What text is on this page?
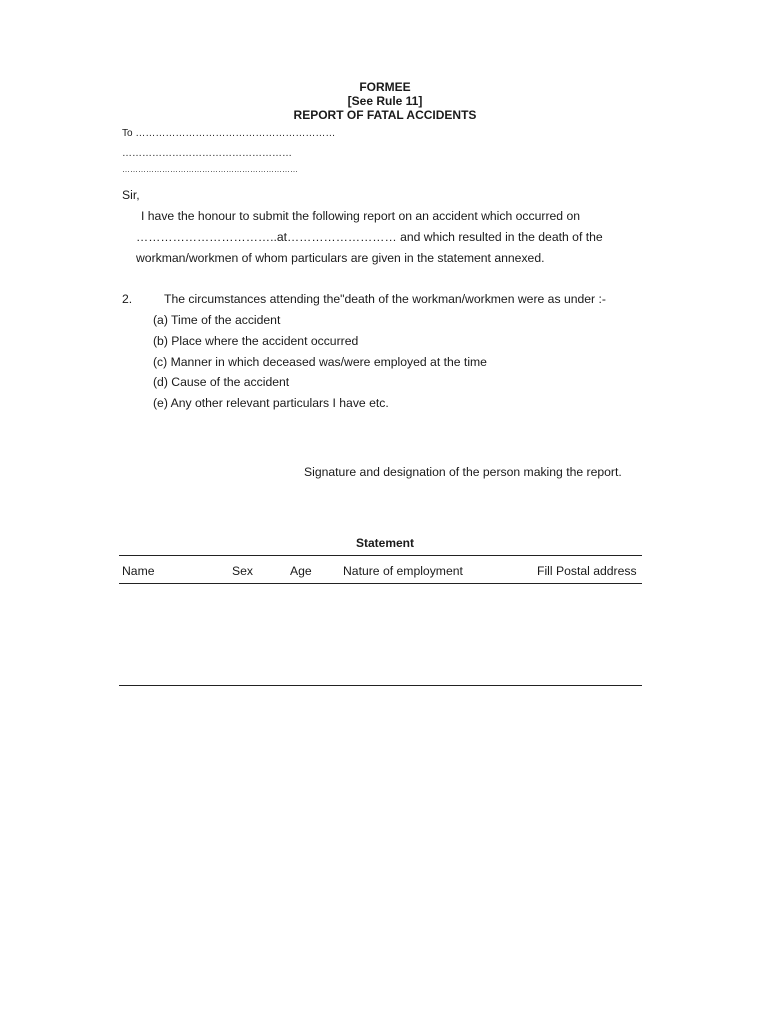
FORMEE
[See Rule 11]
REPORT OF FATAL ACCIDENTS
To ……………………………………………………
……………………………………………
…………………………………………………………
Sir,
I have the honour to submit the following report on an accident which occurred on
……………………………..at……………………… and which resulted in the death of the
workman/workmen of whom particulars are given in the statement annexed.
2.	The circumstances attending the"death of the workman/workmen were as under :-
(a) Time of the accident
(b) Place where the accident occurred
(c) Manner in which deceased was/were employed at the time
(d) Cause of the accident
(e) Any other relevant particulars I have etc.
Signature and designation of the person making the report.
Statement
Name	Sex	Age	Nature of employment	Fill Postal address
